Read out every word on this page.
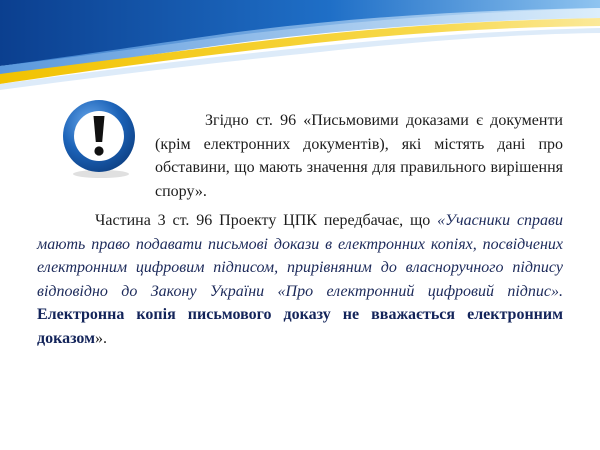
Згідно ст. 96 «Письмовими доказами є документи (крім електронних документів), які містять дані про обставини, що мають значення для правильного вирішення спору».

Частина 3 ст. 96 Проекту ЦПК передбачає, що «Учасники справи мають право подавати письмові докази в електронних копіях, посвідчених електронним цифровим підписом, прирівняним до власноручного підпису відповідно до Закону України «Про електронний цифровий підпис». Електронна копія письмового доказу не вважається електронним доказом».
